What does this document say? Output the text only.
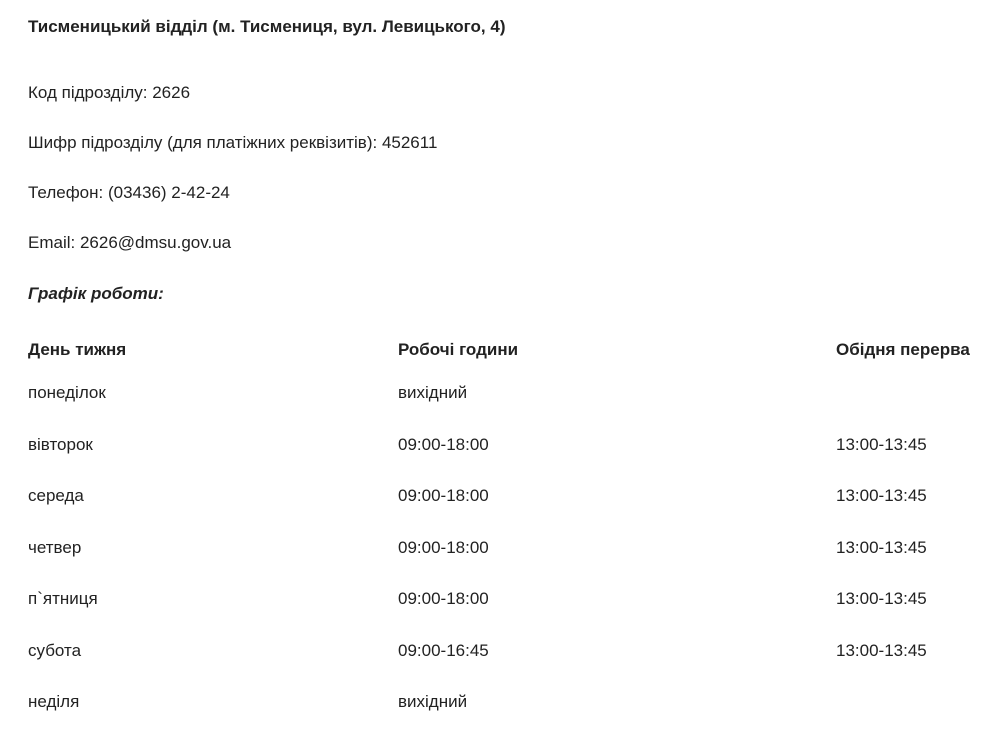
Тисменицький відділ (м. Тисмениця, вул. Левицького, 4)
Код підрозділу: 2626
Шифр підрозділу (для платіжних реквізитів): 452611
Телефон: (03436) 2-42-24
Email: 2626@dmsu.gov.ua
Графік роботи:
День тижня	Робочі години	Обідня перерва
понеділок	вихідний
вівторок	09:00-18:00	13:00-13:45
середа	09:00-18:00	13:00-13:45
четвер	09:00-18:00	13:00-13:45
п`ятниця	09:00-18:00	13:00-13:45
субота	09:00-16:45	13:00-13:45
неділя	вихідний
